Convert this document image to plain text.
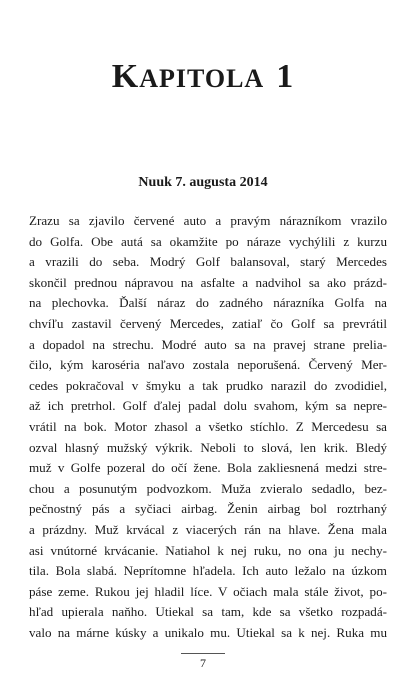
KAPITOLA 1
Nuuk 7. augusta 2014
Zrazu sa zjavilo červené auto a pravým nárazníkom vrazilo
do Golfa. Obe autá sa okamžite po náraze vychýlili z kurzu
a vrazili do seba. Modrý Golf balansoval, starý Mercedes
skončil prednou nápravou na asfalte a nadvihol sa ako prázd-
na plechovka. Ďalší náraz do zadného nárazníka Golfa na
chvíľu zastavil červený Mercedes, zatiaľ čo Golf sa prevrátil
a dopadol na strechu. Modré auto sa na pravej strane prelia-
čilo, kým karoséria naľavo zostala neporušená. Červený Mer-
cedes pokračoval v šmyku a tak prudko narazil do zvodidiel,
až ich pretrhol. Golf ďalej padal dolu svahom, kým sa nepre-
vrátil na bok. Motor zhasol a všetko stíchlo. Z Mercedesu sa
ozval hlasný mužský výkrik. Neboli to slová, len krik. Bledý
muž v Golfe pozeral do očí žene. Bola zakliesnená medzi stre-
chou a posunutým podvozkom. Muža zvieralo sedadlo, bez-
pečnostný pás a syčiaci airbag. Ženin airbag bol roztrhaný
a prázdny. Muž krvácal z viacerých rán na hlave. Žena mala
asi vnútorné krvácanie. Natiahol k nej ruku, no ona ju nechy-
tila. Bola slabá. Neprítomne hľadela. Ich auto ležalo na úzkom
páse zeme. Rukou jej hladil líce. V očiach mala stále život, po-
hľad upierala naňho. Utiekal sa tam, kde sa všetko rozpadá-
valo na márne kúsky a unikalo mu. Utiekal sa k nej. Ruka mu
7
